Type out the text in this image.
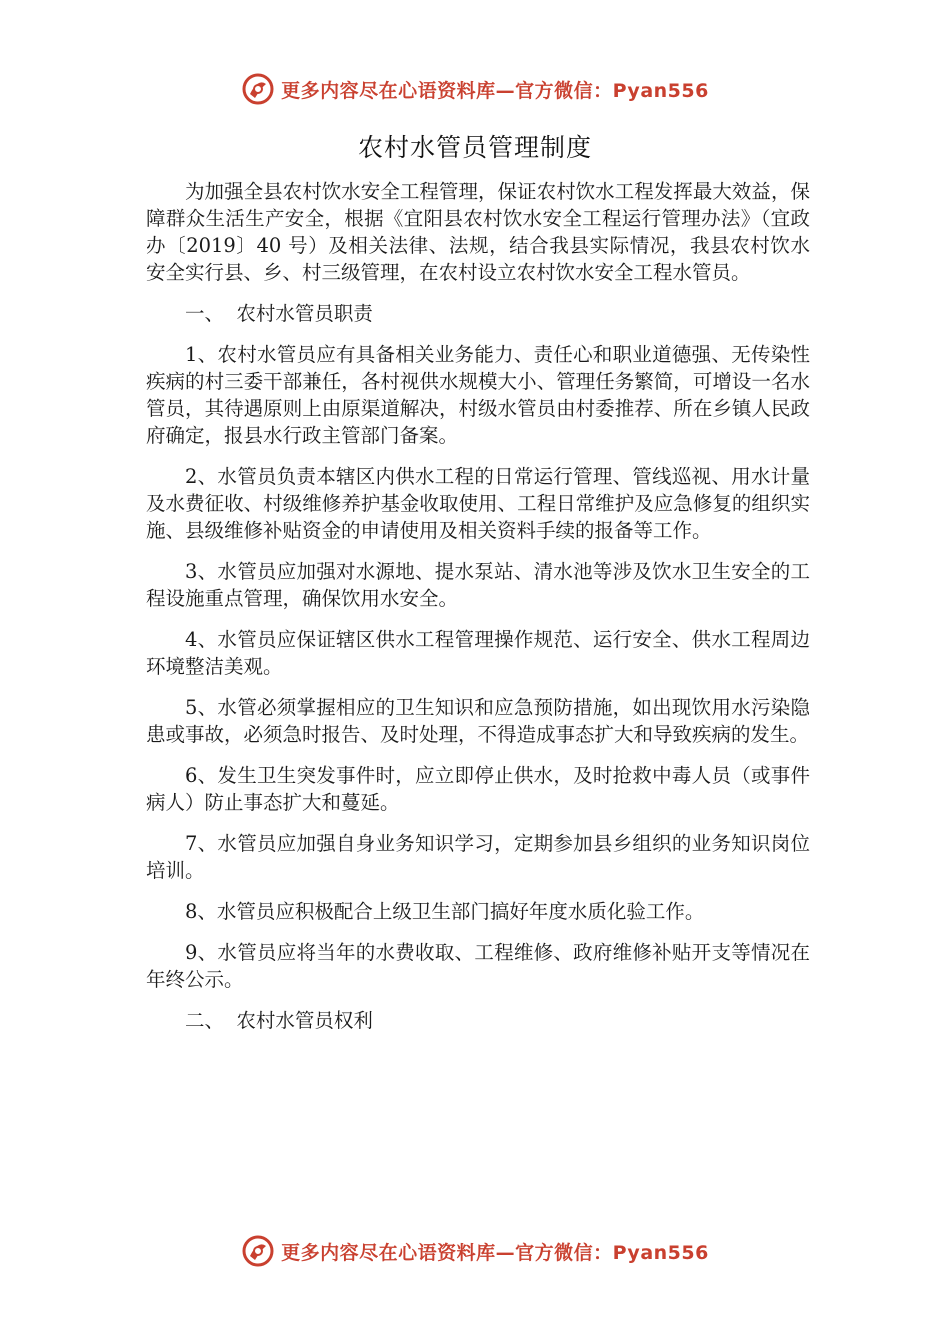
更多内容尽在心语资料库—官方微信：Pyan556
农村水管员管理制度

为加强全县农村饮水安全工程管理，保证农村饮水工程发挥最大效益，保障群众生活生产安全，根据《宜阳县农村饮水安全工程运行管理办法》（宜政办〔2019〕40 号）及相关法律、法规，结合我县实际情况，我县农村饮水安全实行县、乡、村三级管理，在农村设立农村饮水安全工程水管员。

一、  农村水管员职责

1、农村水管员应有具备相关业务能力、责任心和职业道德强、无传染性疾病的村三委干部兼任，各村视供水规模大小、管理任务繁简，可增设一名水管员，其待遇原则上由原渠道解决，村级水管员由村委推荐、所在乡镇人民政府确定，报县水行政主管部门备案。

2、水管员负责本辖区内供水工程的日常运行管理、管线巡视、用水计量及水费征收、村级维修养护基金收取使用、工程日常维护及应急修复的组织实施、县级维修补贴资金的申请使用及相关资料手续的报备等工作。

3、水管员应加强对水源地、提水泵站、清水池等涉及饮水卫生安全的工程设施重点管理，确保饮用水安全。

4、水管员应保证辖区供水工程管理操作规范、运行安全、供水工程周边环境整洁美观。

5、水管必须掌握相应的卫生知识和应急预防措施，如出现饮用水污染隐患或事故，必须急时报告、及时处理，不得造成事态扩大和导致疾病的发生。

6、发生卫生突发事件时，应立即停止供水，及时抢救中毒人员（或事件病人）防止事态扩大和蔓延。

7、水管员应加强自身业务知识学习，定期参加县乡组织的业务知识岗位培训。

8、水管员应积极配合上级卫生部门搞好年度水质化验工作。

9、水管员应将当年的水费收取、工程维修、政府维修补贴开支等情况在年终公示。

二、  农村水管员权利

更多内容尽在心语资料库—官方微信：Pyan556
